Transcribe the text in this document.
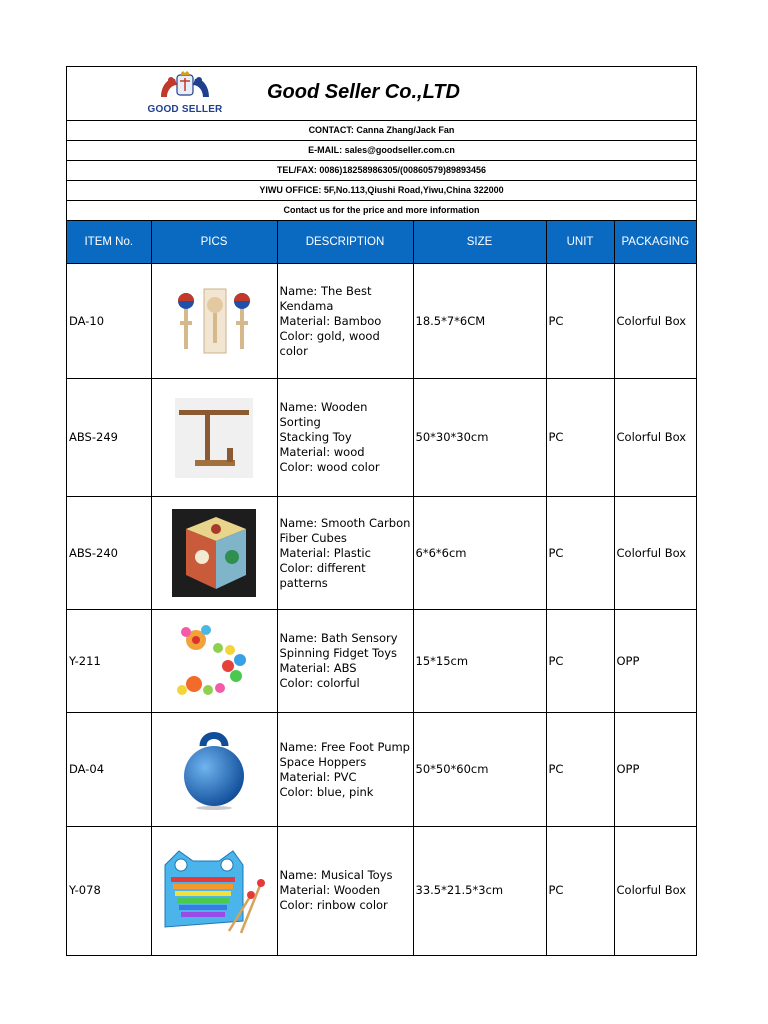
GOOD SELLER
Good Seller Co.,LTD
CONTACT: Canna Zhang/Jack Fan
E-MAIL: sales@goodseller.com.cn
TEL/FAX: 0086)18258986305/(00860579)89893456
YIWU OFFICE: 5F,No.113,Qiushi Road,Yiwu,China 322000
Contact us for the price and more information
ITEM No.	PICS	DESCRIPTION	SIZE	UNIT	PACKAGING
DA-10		Name: The Best
Kendama
Material: Bamboo
Color: gold, wood color	18.5*7*6CM	PC	Colorful Box
ABS-249		Name: Wooden Sorting
Stacking Toy
Material: wood
Color: wood color	50*30*30cm	PC	Colorful Box
ABS-240		Name: Smooth Carbon
Fiber Cubes
Material: Plastic
Color: different patterns	6*6*6cm	PC	Colorful Box
Y-211		Name: Bath Sensory
Spinning Fidget Toys
Material: ABS
Color: colorful	15*15cm	PC	OPP
DA-04		Name: Free Foot Pump
Space Hoppers
Material: PVC
Color: blue, pink	50*50*60cm	PC	OPP
Y-078		Name: Musical Toys
Material: Wooden
Color: rinbow color	33.5*21.5*3cm	PC	Colorful Box
